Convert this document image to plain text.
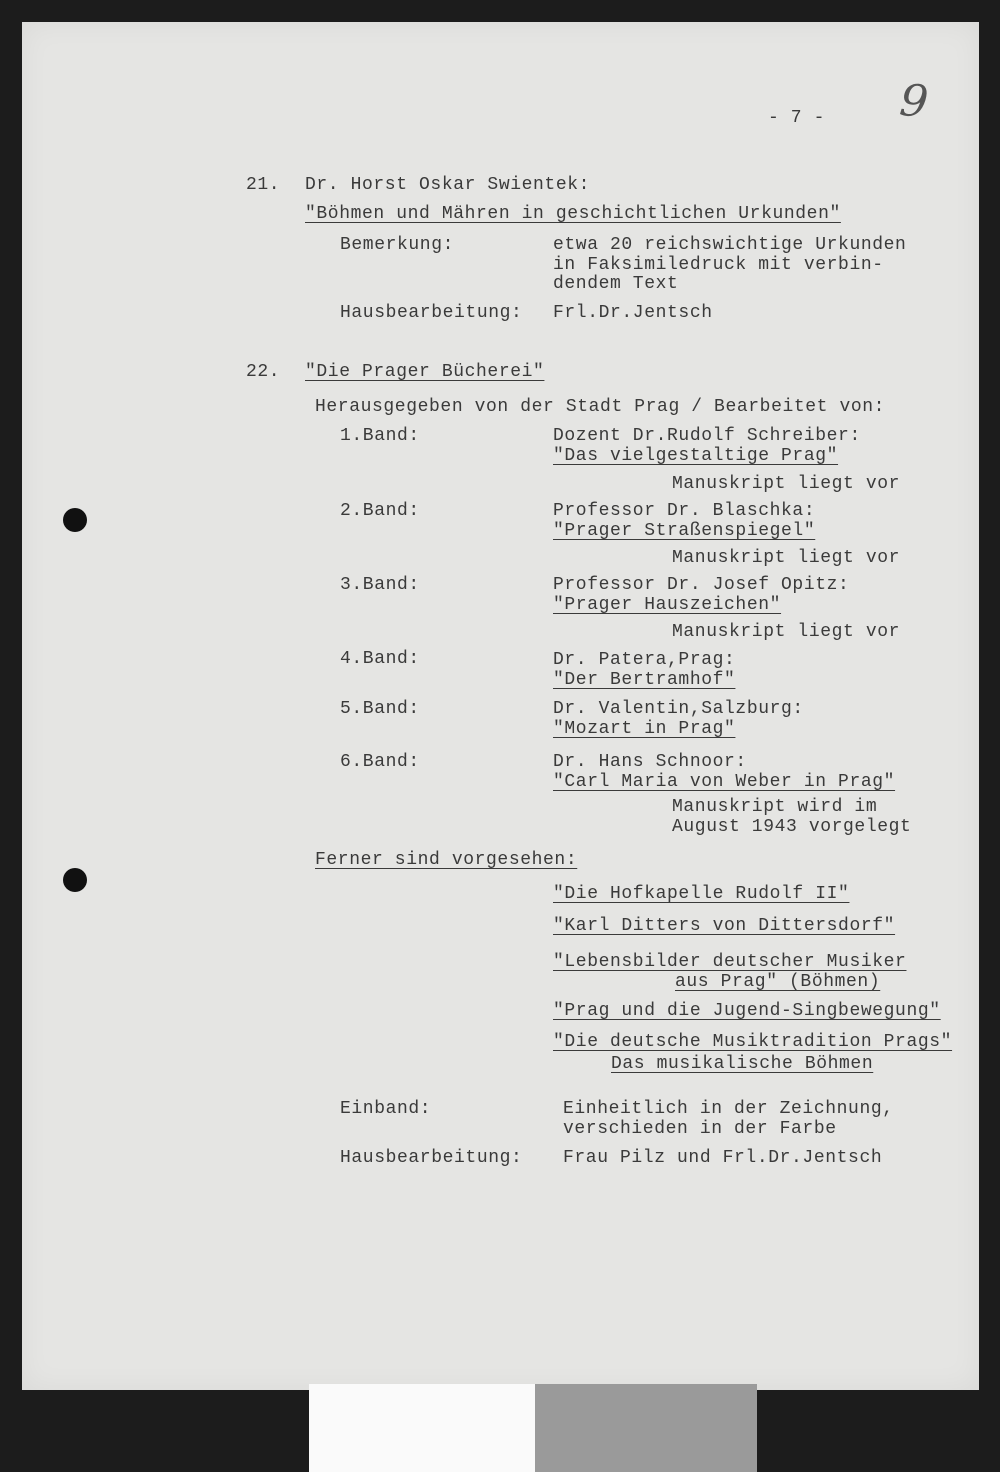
- 7 - 9
21. Dr. Horst Oskar Swientek:
"Böhmen und Mähren in geschichtlichen Urkunden"
Bemerkung:	etwa 20 reichswichtige Urkunden
in Faksimiledruck mit verbin-
dendem Text
Hausbearbeitung: Frl.Dr.Jentsch
22. "Die Prager Bücherei"
Herausgegeben von der Stadt Prag / Bearbeitet von:
1.Band:	Dozent Dr.Rudolf Schreiber:
"Das vielgestaltige Prag"
Manuskript liegt vor
2.Band:	Professor Dr. Blaschka:
"Prager Straßenspiegel"
Manuskript liegt vor
3.Band:	Professor Dr. Josef Opitz:
"Prager Hauszeichen"
Manuskript liegt vor
4.Band:	Dr. Patera,Prag:
"Der Bertramhof"
5.Band:	Dr. Valentin,Salzburg:
"Mozart in Prag"
6.Band:	Dr. Hans Schnoor:
"Carl Maria von Weber in Prag"
Manuskript wird im
August 1943 vorgelegt
Ferner sind vorgesehen:
"Die Hofkapelle Rudolf II"
"Karl Ditters von Dittersdorf"
"Lebensbilder deutscher Musiker
aus Prag" (Böhmen)
"Prag und die Jugend-Singbewegung"
"Die deutsche Musiktradition Prags"
Das musikalische Böhmen
Einband:	Einheitlich in der Zeichnung,
verschieden in der Farbe
Hausbearbeitung: Frau Pilz und Frl.Dr.Jentsch
